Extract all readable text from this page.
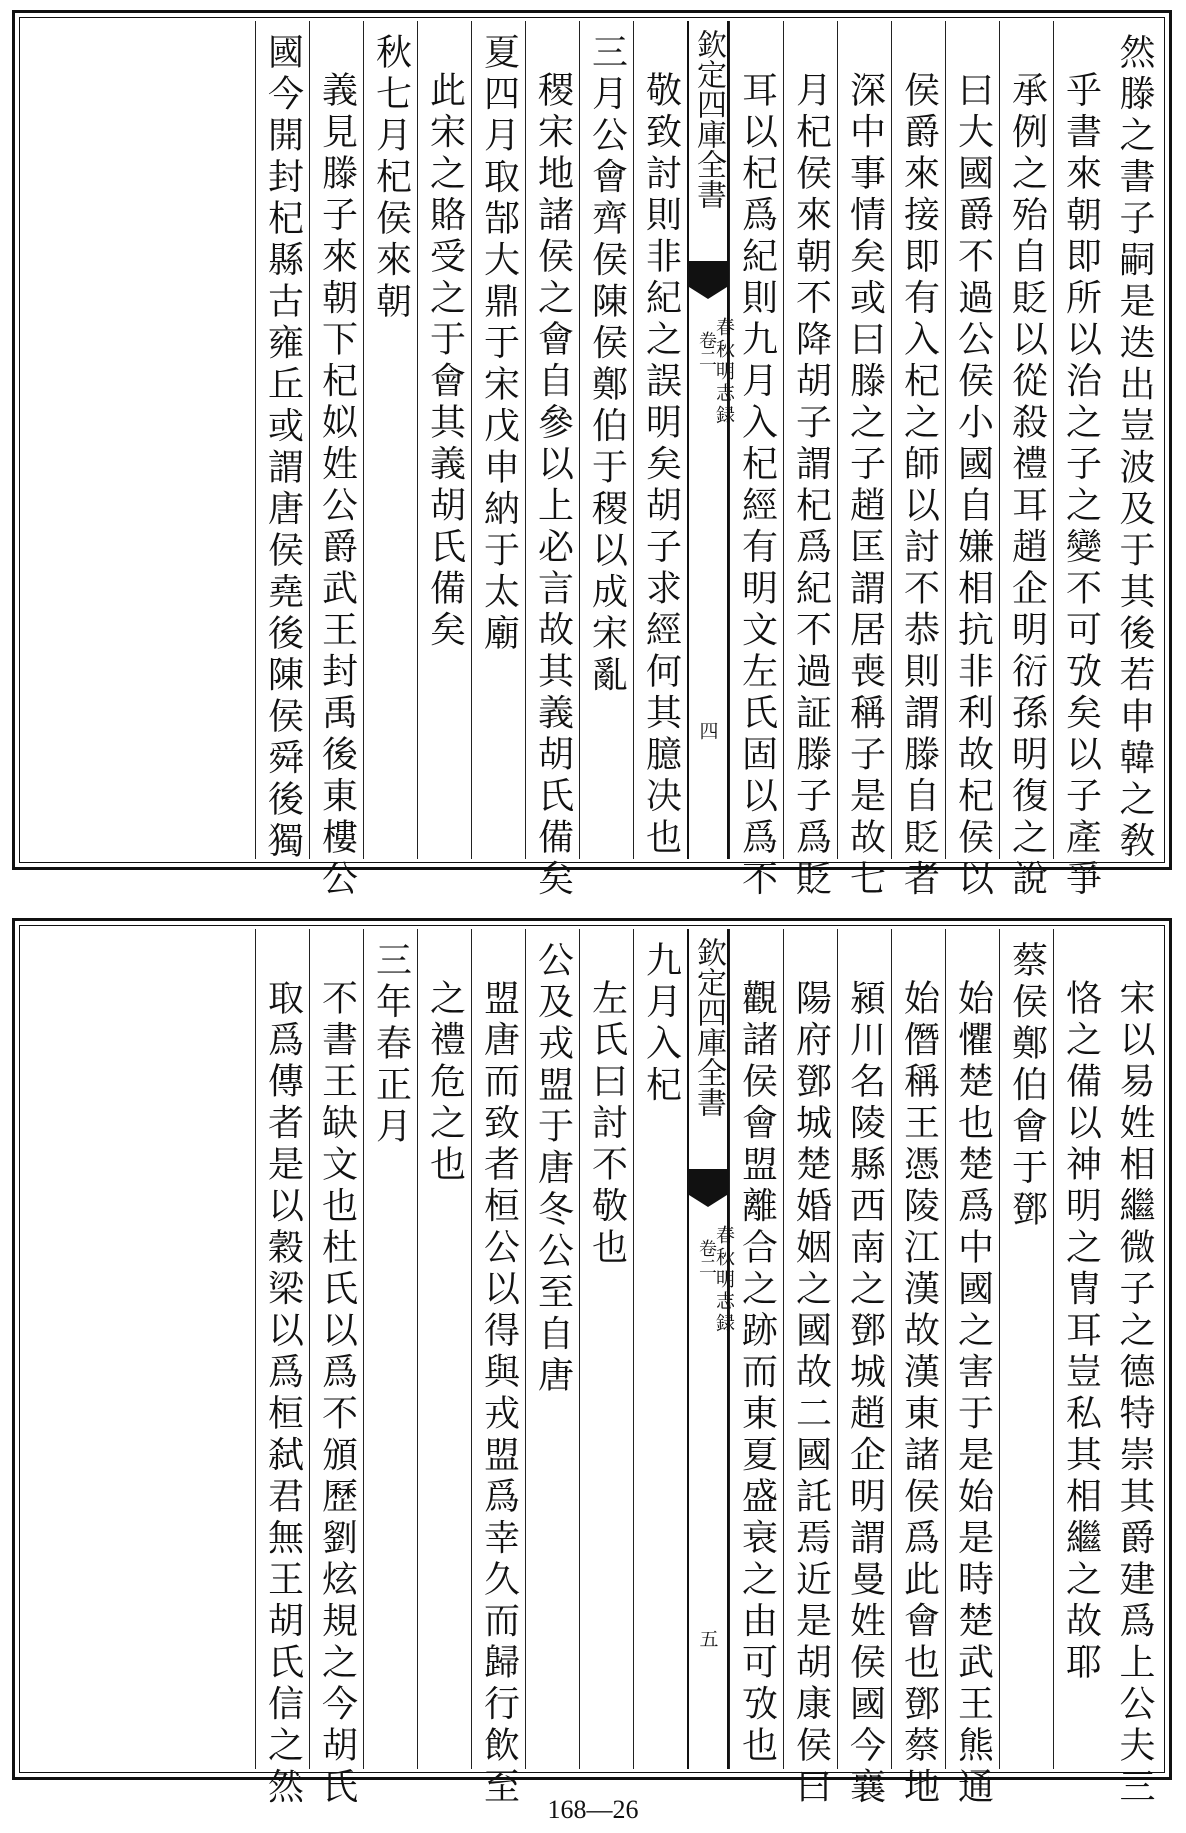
然滕之書子嗣是迭出豈波及于其後若申韓之敎
乎書來朝即所以治之子之變不可攷矣以子產爭
承例之殆自貶以從殺禮耳趙企明衍孫明復之說
曰大國爵不過公侯小國自嫌相抗非利故杞侯以
侯爵來接即有入杞之師以討不恭則謂滕自貶者
深中事情矣或曰滕之子趙匡謂居喪稱子是故七
月杞侯來朝不降胡子謂杞爲紀不過証滕子爲貶
耳以杞爲紀則九月入杞經有明文左氏固以爲不
欽定四庫全書
春秋明志録
卷二
四
敬致討則非紀之誤明矣胡子求經何其臆决也
三月公會齊侯陳侯鄭伯于稷以成宋亂
稷宋地諸侯之會自參以上必言故其義胡氏備矣
夏四月取郜大鼎于宋戊申納于太廟
此宋之賂受之于會其義胡氏備矣
秋七月杞侯來朝
義見滕子來朝下杞姒姓公爵武王封禹後東樓公
國今開封杞縣古雍丘或謂唐侯堯後陳侯舜後獨
宋以易姓相繼微子之德特崇其爵建爲上公夫三
恪之備以神明之冑耳豈私其相繼之故耶
蔡侯鄭伯會于鄧
始懼楚也楚爲中國之害于是始是時楚武王熊通
始僭稱王憑陵江漢故漢東諸侯爲此會也鄧蔡地
潁川名陵縣西南之鄧城趙企明謂曼姓侯國今襄
陽府鄧城楚婚姻之國故二國託焉近是胡康侯曰
觀諸侯會盟離合之跡而東夏盛衰之由可攷也
欽定四庫全書
春秋明志録
卷二
五
九月入杞
左氏曰討不敬也
公及戎盟于唐冬公至自唐
盟唐而致者桓公以得與戎盟爲幸久而歸行飲至
之禮危之也
三年春正月
不書王缺文也杜氏以爲不頒歷劉炫規之今胡氏
取爲傳者是以穀梁以爲桓弑君無王胡氏信之然
168—26
